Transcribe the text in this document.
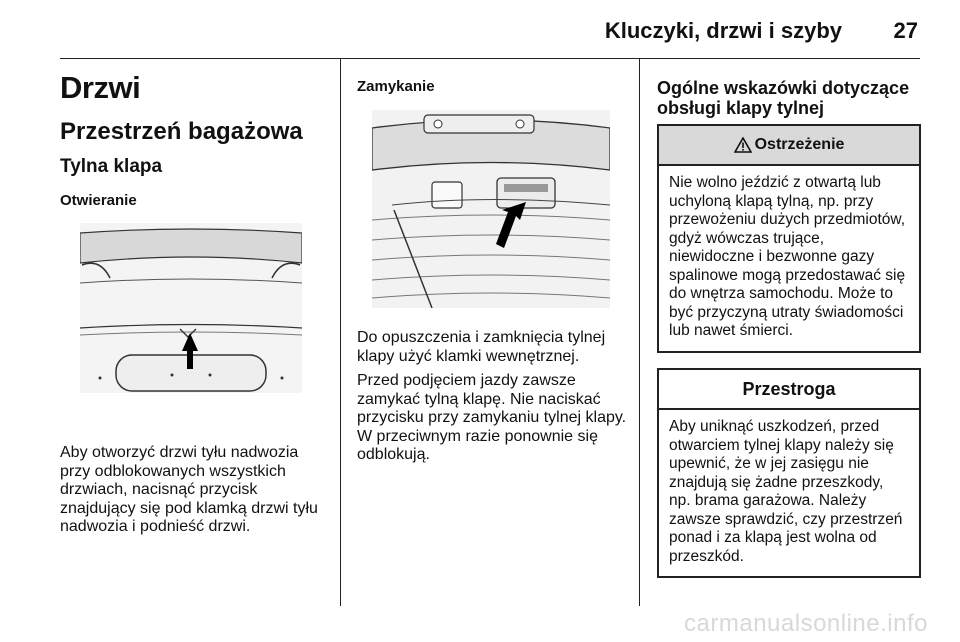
Kluczyki, drzwi i szyby 27
Drzwi
Przestrzeń bagażowa
Tylna klapa
Otwieranie

Aby otworzyć drzwi tyłu nadwozia przy odblokowanych wszystkich drzwiach, nacisnąć przycisk znajdujący się pod klamką drzwi tyłu nadwozia i podnieść drzwi.

Zamykanie

Do opuszczenia i zamknięcia tylnej klapy użyć klamki wewnętrznej.

Przed podjęciem jazdy zawsze zamykać tylną klapę. Nie naciskać przycisku przy zamykaniu tylnej klapy. W przeciwnym razie ponownie się odblokują.

Ogólne wskazówki dotyczące obsługi klapy tylnej
Ostrzeżenie
Nie wolno jeździć z otwartą lub uchyloną klapą tylną, np. przy przewożeniu dużych przedmiotów, gdyż wówczas trujące, niewidoczne i bezwonne gazy spalinowe mogą przedostawać się do wnętrza samochodu. Może to być przyczyną utraty świadomości lub nawet śmierci.
Przestroga
Aby uniknąć uszkodzeń, przed otwarciem tylnej klapy należy się upewnić, że w jej zasięgu nie znajdują się żadne przeszkody, np. brama garażowa. Należy zawsze sprawdzić, czy przestrzeń ponad i za klapą jest wolna od przeszkód.
carmanualsonline.info
